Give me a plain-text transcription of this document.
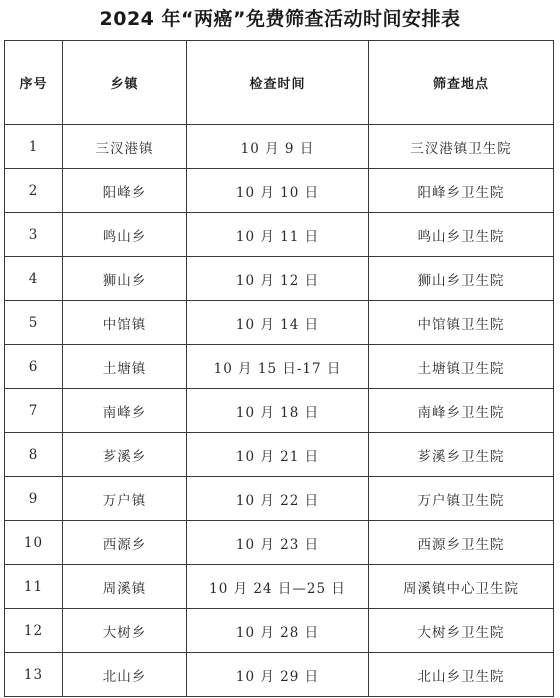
2024 年“两癌”免费筛查活动时间安排表
序号	乡镇	检查时间	筛查地点
1	三汊港镇	10 月 9 日	三汊港镇卫生院
2	阳峰乡	10 月 10 日	阳峰乡卫生院
3	鸣山乡	10 月 11 日	鸣山乡卫生院
4	狮山乡	10 月 12 日	狮山乡卫生院
5	中馆镇	10 月 14 日	中馆镇卫生院
6	土塘镇	10 月 15 日-17 日	土塘镇卫生院
7	南峰乡	10 月 18 日	南峰乡卫生院
8	芗溪乡	10 月 21 日	芗溪乡卫生院
9	万户镇	10 月 22 日	万户镇卫生院
10	西源乡	10 月 23 日	西源乡卫生院
11	周溪镇	10 月 24 日—25 日	周溪镇中心卫生院
12	大树乡	10 月 28 日	大树乡卫生院
13	北山乡	10 月 29 日	北山乡卫生院
